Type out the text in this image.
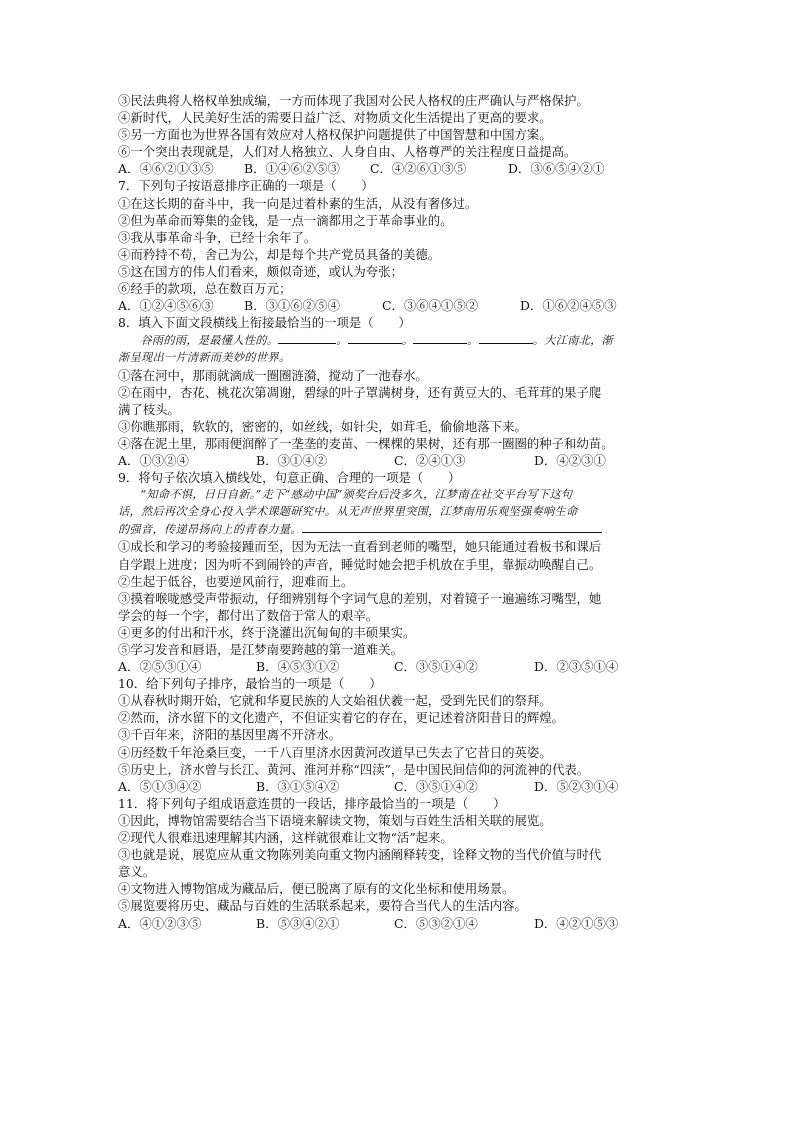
③民法典将人格权单独成编，一方而体现了我国对公民人格权的庄严确认与严格保护。
④新时代，人民美好生活的需要日益广泛、对物质文化生活提出了更高的要求。
⑤另一方面也为世界各国有效应对人格权保护问题提供了中国智慧和中国方案。
⑥一个突出表现就是，人们对人格独立、人身自由、人格尊严的关注程度日益提高。
A．④⑥②①③⑤	B．①④⑥②⑤③	C．④②⑥①③⑤	D．③⑥⑤④②①
7．下列句子按语意排序正确的一项是（　　）
①在这长期的奋斗中，我一向是过着朴素的生活，从没有奢侈过。
②但为革命而筹集的金钱，是一点一滴都用之于革命事业的。
③我从事革命斗争，已经十余年了。
④而矜持不苟，舍己为公，却是每个共产党员具备的美德。
⑤这在国方的伟人们看来，颇似奇迹，或认为夸张；
⑥经手的款项，总在数百万元；
A．①②④⑤⑥③	B．③①⑥②⑤④	C．③⑥④①⑤②	D．①⑥②④⑤③
8．填入下面文段横线上衔接最恰当的一项是（　　）
谷雨的雨，是最懂人性的。	。	。	。	。大江南北，渐
渐呈现出一片清新而美妙的世界。
①落在河中，那雨就滴成一圈圈涟漪，搅动了一池春水。
②在雨中，杏花、桃花次第凋谢，碧绿的叶子罩满树身，还有黄豆大的、毛茸茸的果子爬
满了枝头。
③你瞧那雨，软软的，密密的，如丝线，如针尖，如茸毛，偷偷地落下来。
④落在泥土里，那雨便润醉了一垄垄的麦苗、一棵棵的果树，还有那一圈圈的种子和幼苗。
A．①③②④	B．③①④②	C．②④①③	D．④②③①
9．将句子依次填入横线处，句意正确、合理的一项是（　　）
“知命不惧，日日自新。”走下“感动中国”颁奖台后没多久，江梦南在社交平台写下这句
话，然后再次全身心投入学术课题研究中。从无声世界里突围，江梦南用乐观坚强奏响生命
的强音，传递昂扬向上的青春力量。
①成长和学习的考验接踵而至，因为无法一直看到老师的嘴型，她只能通过看板书和课后
自学跟上进度；因为听不到闹铃的声音，睡觉时她会把手机放在手里，靠振动唤醒自己。
②生起于低谷，也要逆风前行，迎难而上。
③摸着喉咙感受声带振动，仔细辨别每个字词气息的差别，对着镜子一遍遍练习嘴型，她
学会的每一个字，都付出了数倍于常人的艰辛。
④更多的付出和汗水，终于浇灌出沉甸甸的丰硕果实。
⑤学习发音和唇语，是江梦南要跨越的第一道难关。
A．②⑤③①④	B．④⑤③①②	C．③⑤①④②	D．②③⑤①④
10．给下列句子排序，最恰当的一项是（　　）
①从春秋时期开始，它就和华夏民族的人文始祖伏羲一起，受到先民们的祭拜。
②然而，济水留下的文化遗产，不但证实着它的存在，更记述着济阳昔日的辉煌。
③千百年来，济阳的基因里离不开济水。
④历经数千年沧桑巨变，一千八百里济水因黄河改道早已失去了它昔日的英姿。
⑤历史上，济水曾与长江、黄河、淮河并称“四渎”，是中国民间信仰的河流神的代表。
A．⑤①③④②	B．③①⑤④②	C．③⑤①④②	D．⑤②③①④
11．将下列句子组成语意连贯的一段话，排序最恰当的一项是（　　）
①因此，博物馆需要结合当下语境来解读文物，策划与百姓生活相关联的展览。
②现代人很难迅速理解其内涵，这样就很难让文物“活”起来。
③也就是说，展览应从重文物陈列美向重文物内涵阐释转变，诠释文物的当代价值与时代
意义。
④文物进入博物馆成为藏品后，便已脱离了原有的文化坐标和使用场景。
⑤展览要将历史、藏品与百姓的生活联系起来，要符合当代人的生活内容。
A．④①②③⑤	B．⑤③④②①	C．⑤③②①④	D．④②①⑤③
